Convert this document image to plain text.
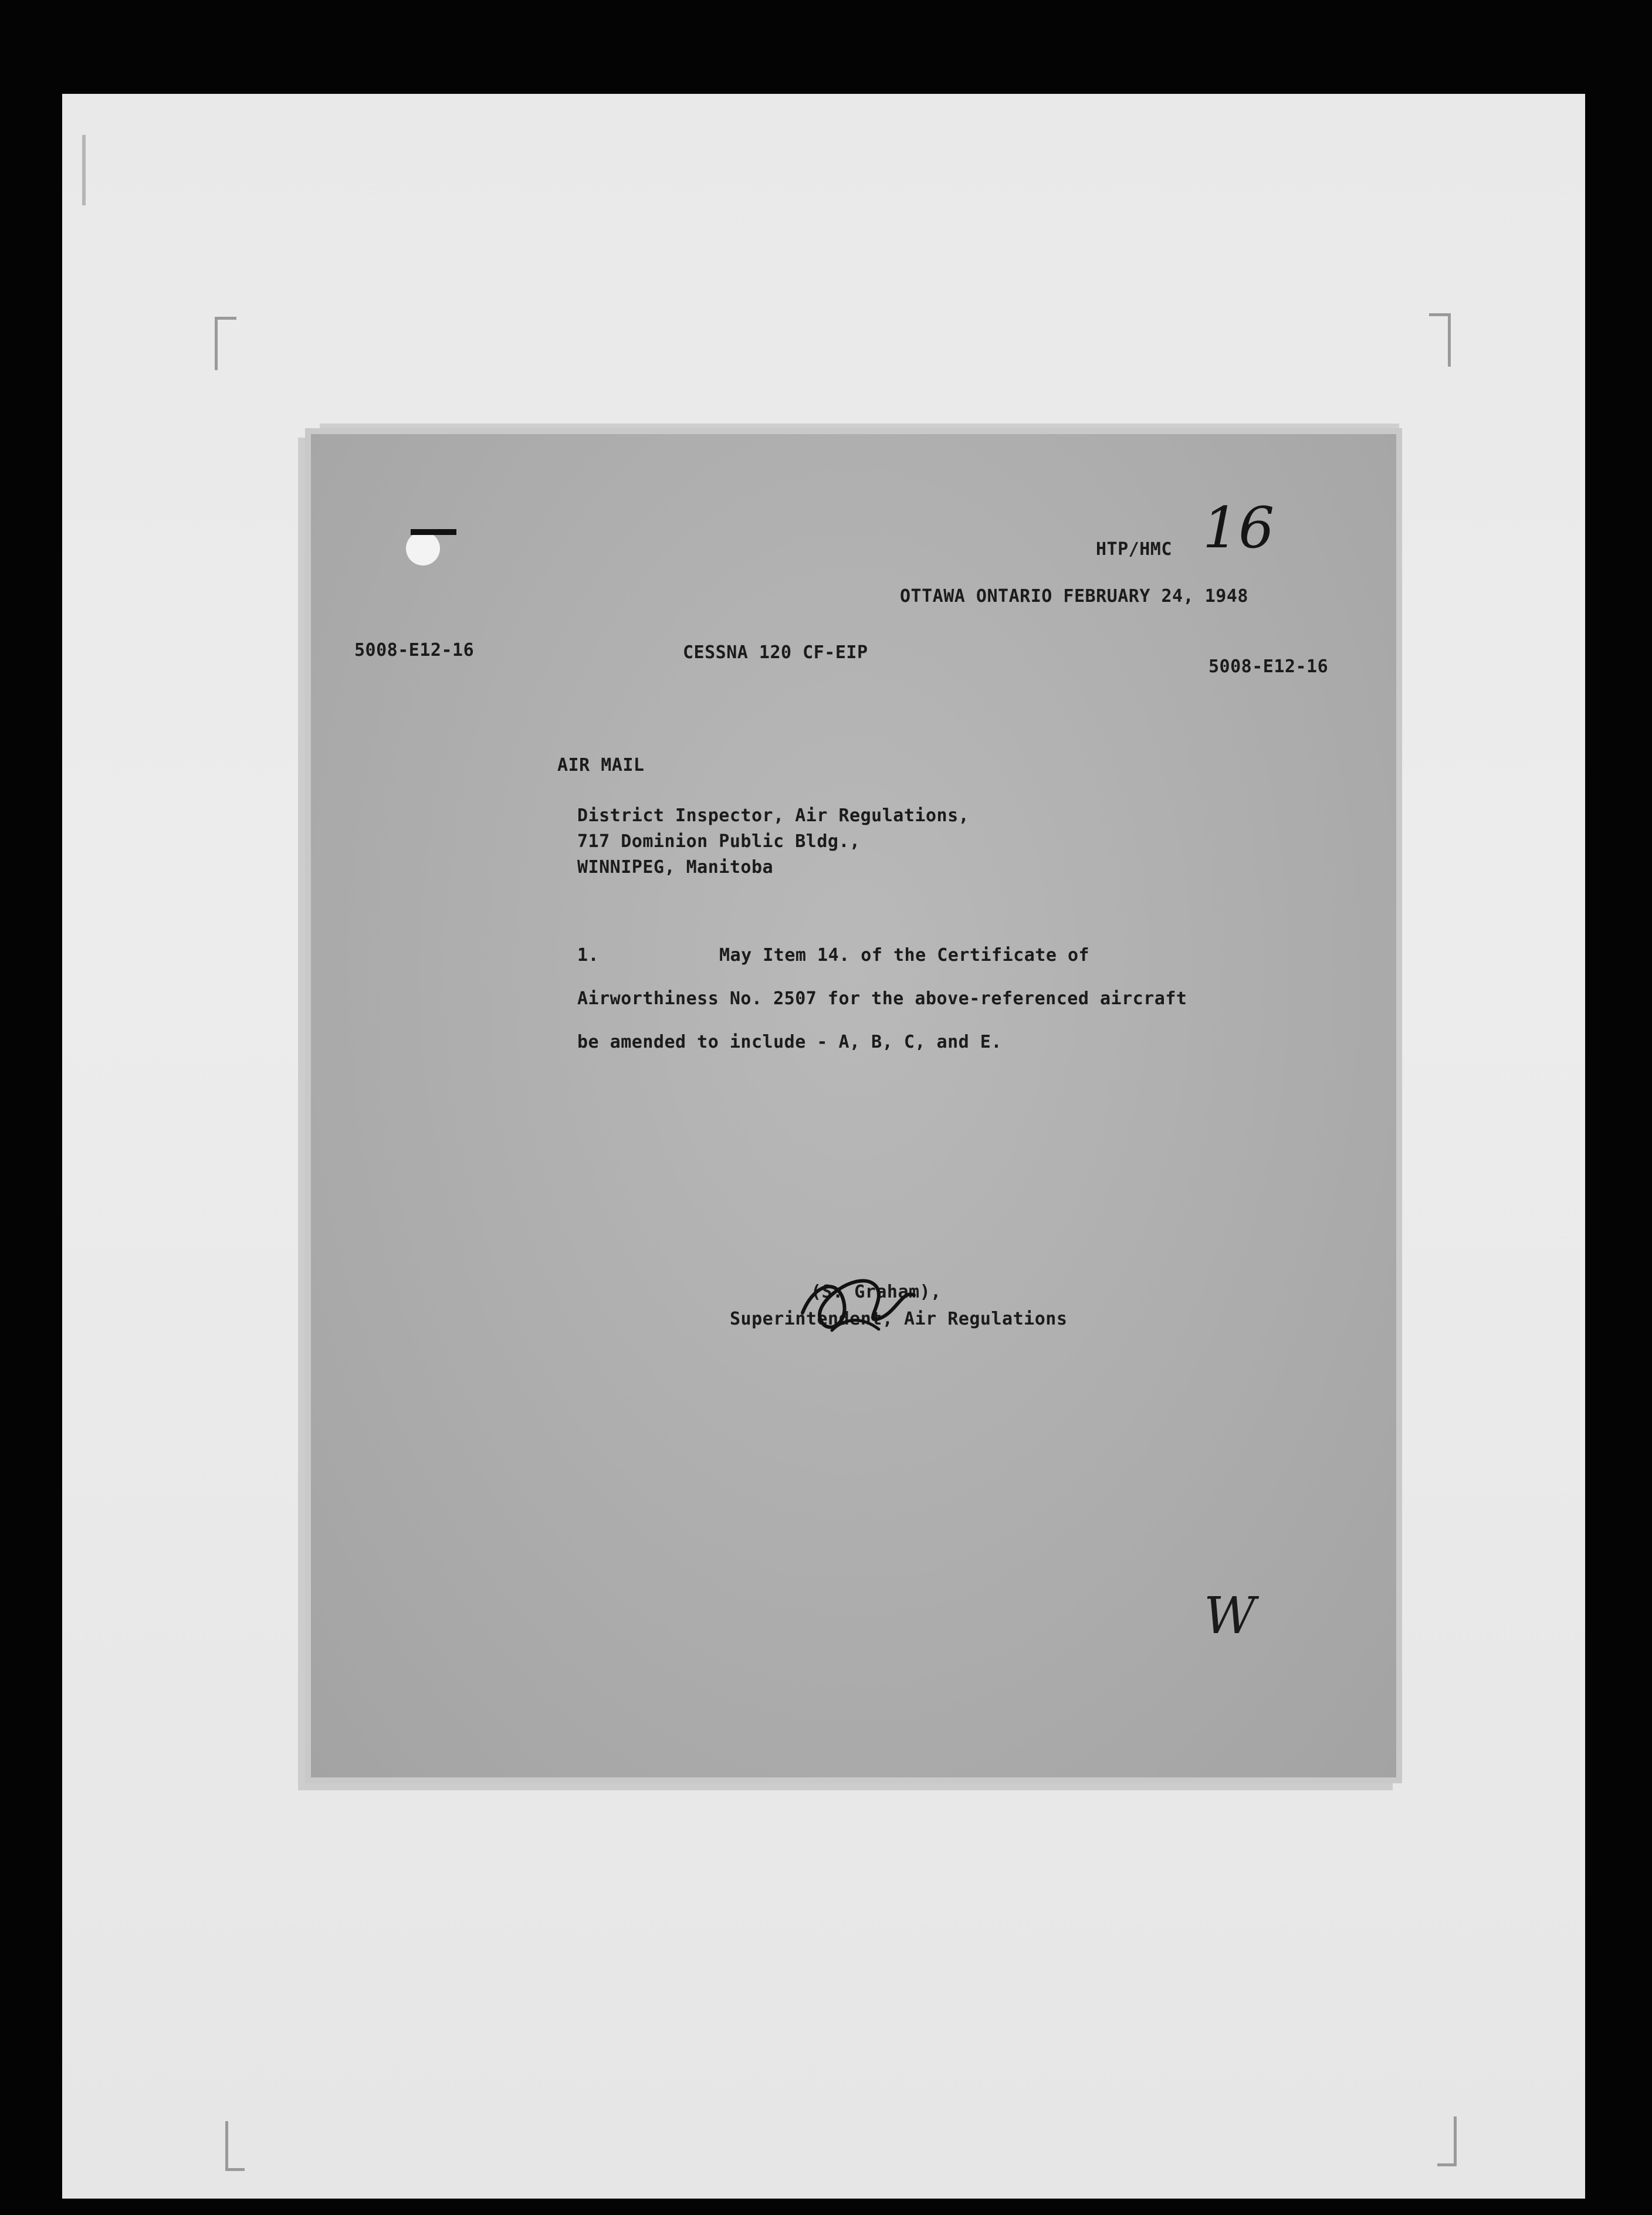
16
HTP/HMC
OTTAWA ONTARIO FEBRUARY 24, 1948
5008-E12-16	CESSNA 120 CF-EIP
5008-E12-16
AIR MAIL
District Inspector, Air Regulations,
717 Dominion Public Bldg.,
WINNIPEG, Manitoba
1.	May Item 14. of the Certificate of
Airworthiness No. 2507 for the above-referenced aircraft
be amended to include - A, B, C, and E.
(S. Graham),
Superintendent, Air Regulations
W
